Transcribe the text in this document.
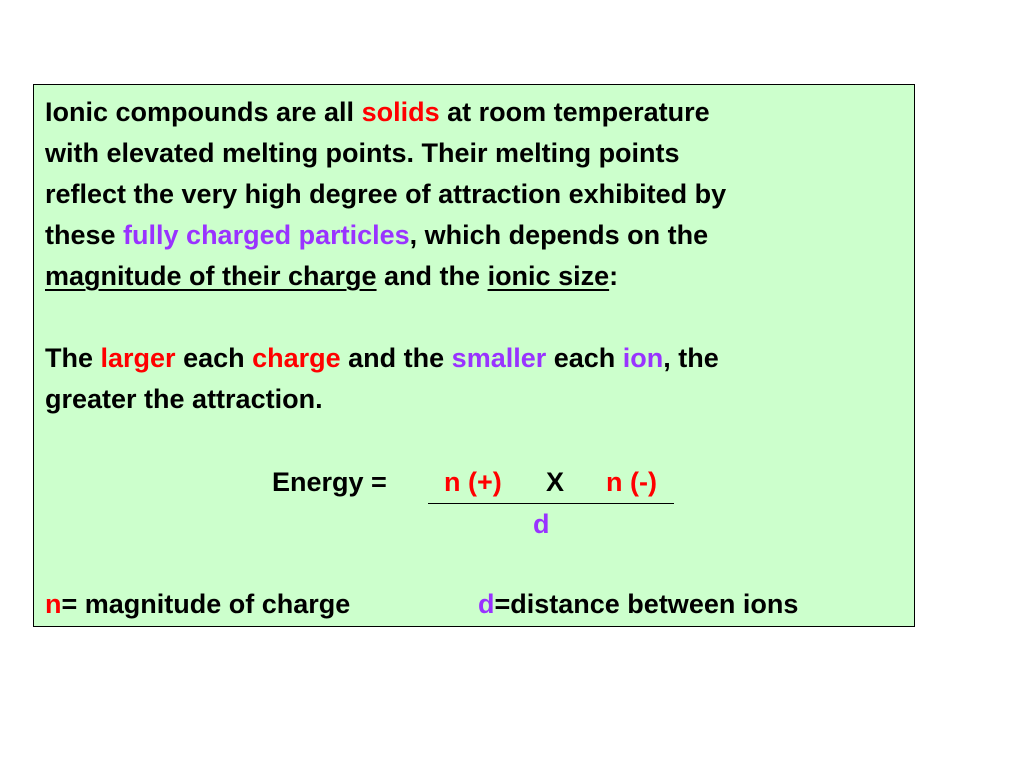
Ionic compounds are all solids at room temperature
with elevated melting points. Their melting points
reflect the very high degree of attraction exhibited by
these fully charged particles, which depends on the
magnitude of their charge and the ionic size:

The larger each charge and the smaller each ion, the
greater the attraction.

Energy = n (+) X n (-)
d
n= magnitude of charge	d=distance between ions
